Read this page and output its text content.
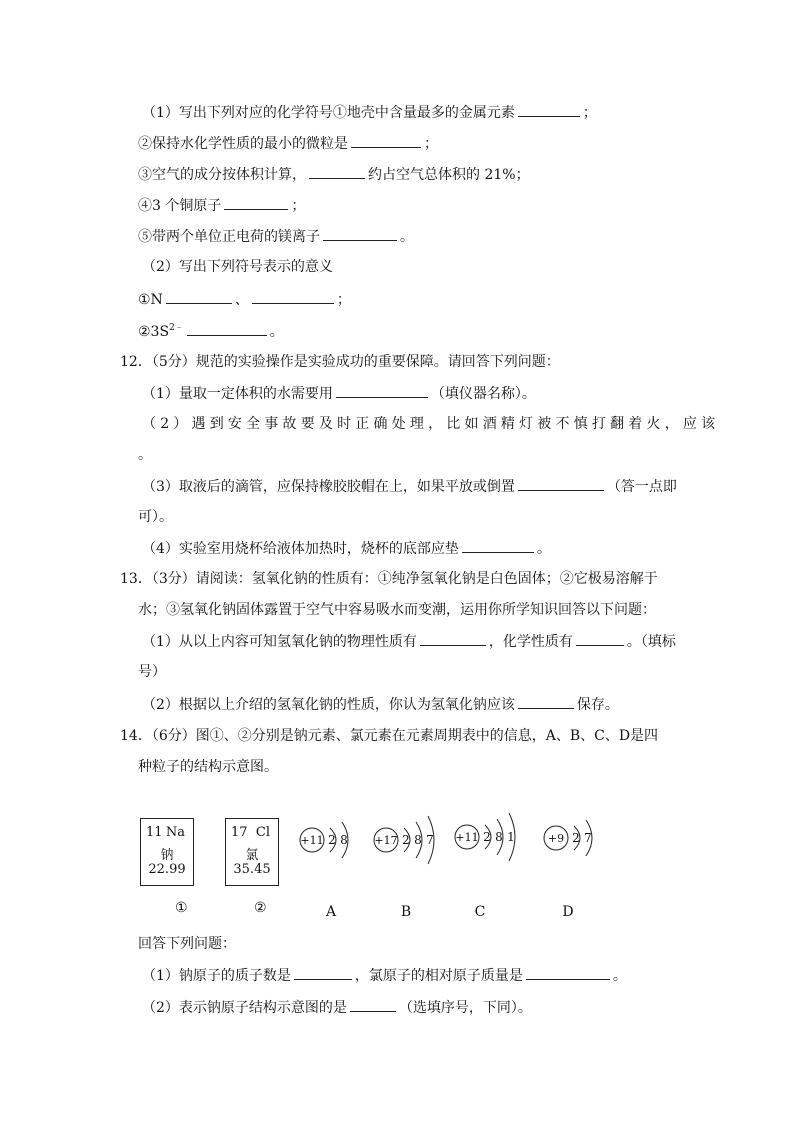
（1）写出下列对应的化学符号①地壳中含量最多的金属元素	；
②保持水化学性质的最小的微粒是	；
③空气的成分按体积计算，	约占空气总体积的 21%；
④3 个铜原子	；
⑤带两个单位正电荷的镁离子	。
（2）写出下列符号表示的意义
①N	、	；
$②3S^{2﹣}$	。
12．（5分）规范的实验操作是实验成功的重要保障。请回答下列问题：
（1）量取一定体积的水需要用	（填仪器名称）。
（2）遇到安全事故要及时正确处理，比如酒精灯被不慎打翻着火，应该
。
（3）取液后的滴管，应保持橡胶胶帽在上，如果平放或倒置	（答一点即
可）。
（4）实验室用烧杯给液体加热时，烧杯的底部应垫	。
13．（3分）请阅读：氢氧化钠的性质有：①纯净氢氧化钠是白色固体；②它极易溶解于
水；③氢氧化钠固体露置于空气中容易吸水而变潮，运用你所学知识回答以下问题：
（1）从以上内容可知氢氧化钠的物理性质有	，化学性质有	。（填标
号）
（2）根据以上介绍的氢氧化钠的性质，你认为氢氧化钠应该	保存。
14．（6分）图①、②分别是钠元素、氯元素在元素周期表中的信息，A、B、C、D是四
种粒子的结构示意图。
11 Na
钠
22.99
17 Cl
氯
35.45
①	②
+11 2 8
A
+17 2 8 7
B
+11 2 8 1
C
+9 2 7
D
回答下列问题：
（1）钠原子的质子数是	，氯原子的相对原子质量是	。
（2）表示钠原子结构示意图的是	（选填序号，下同）。
